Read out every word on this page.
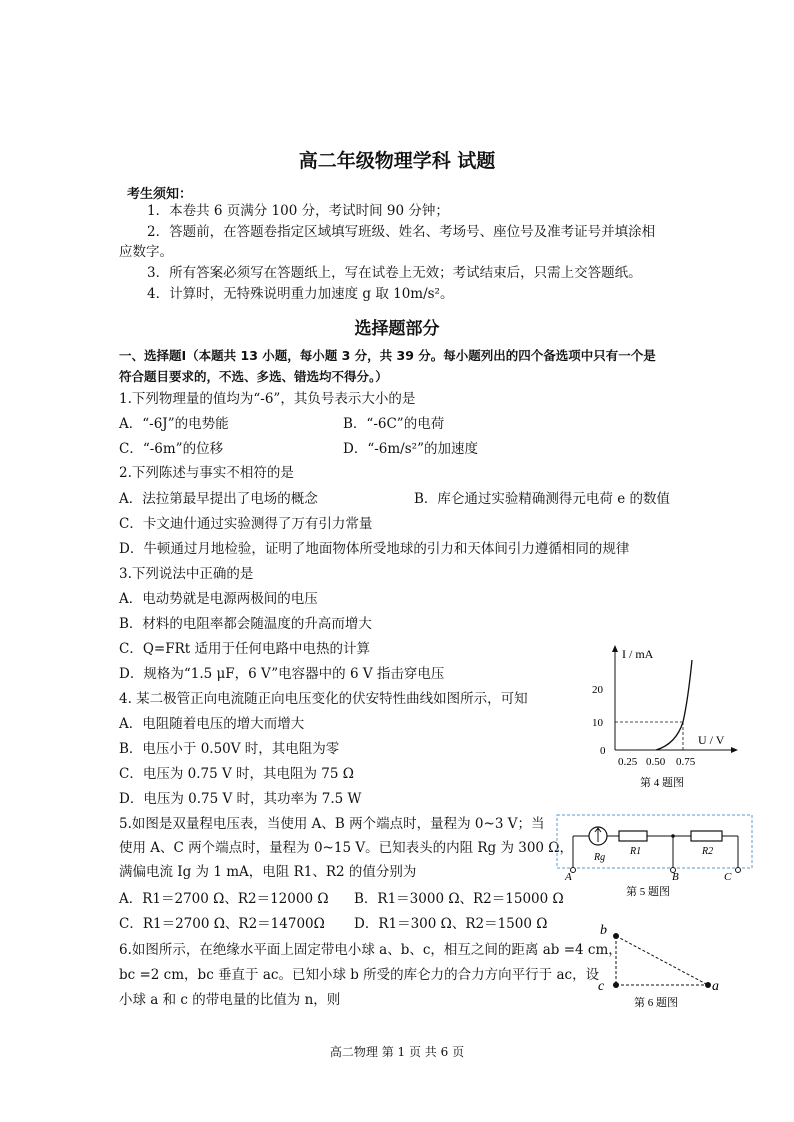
高二年级物理学科 试题
考生须知：
1．本卷共 6 页满分 100 分，考试时间 90 分钟；
2．答题前，在答题卷指定区域填写班级、姓名、考场号、座位号及准考证号并填涂相
应数字。
3．所有答案必须写在答题纸上，写在试卷上无效；考试结束后，只需上交答题纸。
4．计算时，无特殊说明重力加速度 g 取 10m/s²。
选择题部分
一、选择题Ⅰ（本题共 13 小题，每小题 3 分，共 39 分。每小题列出的四个备选项中只有一个是
符合题目要求的，不选、多选、错选均不得分。）
1.下列物理量的值均为“-6”，其负号表示大小的是
A．“-6J”的电势能	B．“-6C”的电荷
C．“-6m”的位移	D．“-6m/s²”的加速度
2.下列陈述与事实不相符的是
A．法拉第最早提出了电场的概念	B．库仑通过实验精确测得元电荷 e 的数值
C．卡文迪什通过实验测得了万有引力常量
D．牛顿通过月地检验，证明了地面物体所受地球的引力和天体间引力遵循相同的规律
3.下列说法中正确的是
A．电动势就是电源两极间的电压
B．材料的电阻率都会随温度的升高而增大
C．Q=FRt 适用于任何电路中电热的计算
D．规格为“1.5 μF，6 V”电容器中的 6 V 指击穿电压
4. 某二极管正向电流随正向电压变化的伏安特性曲线如图所示，可知
A．电阻随着电压的增大而增大
B．电压小于 0.50V 时，其电阻为零
C．电压为 0.75 V 时，其电阻为 75 Ω
D．电压为 0.75 V 时，其功率为 7.5 W
5.如图是双量程电压表，当使用 A、B 两个端点时，量程为 0~3 V；当
使用 A、C 两个端点时，量程为 0~15 V。已知表头的内阻 Rg 为 300 Ω，
满偏电流 Ig 为 1 mA，电阻 R1、R2 的值分别为
A．R1＝2700 Ω、R2＝12000 Ω B．R1＝3000 Ω、R2＝15000 Ω
C．R1＝2700 Ω、R2＝14700Ω D．R1＝300 Ω、R2＝1500 Ω
6.如图所示，在绝缘水平面上固定带电小球 a、b、c，相互之间的距离 ab =4 cm，
bc =2 cm，bc 垂直于 ac。已知小球 b 所受的库仑力的合力方向平行于 ac，设
小球 a 和 c 的带电量的比值为 n，则
I / mA
U / V
20
10
0
0.25 0.50 0.75
第 4 题图
Rg
R1	R2
A	B	C
第 5 题图
b
c	a
第 6 题图
高二物理 第 1 页 共 6 页
